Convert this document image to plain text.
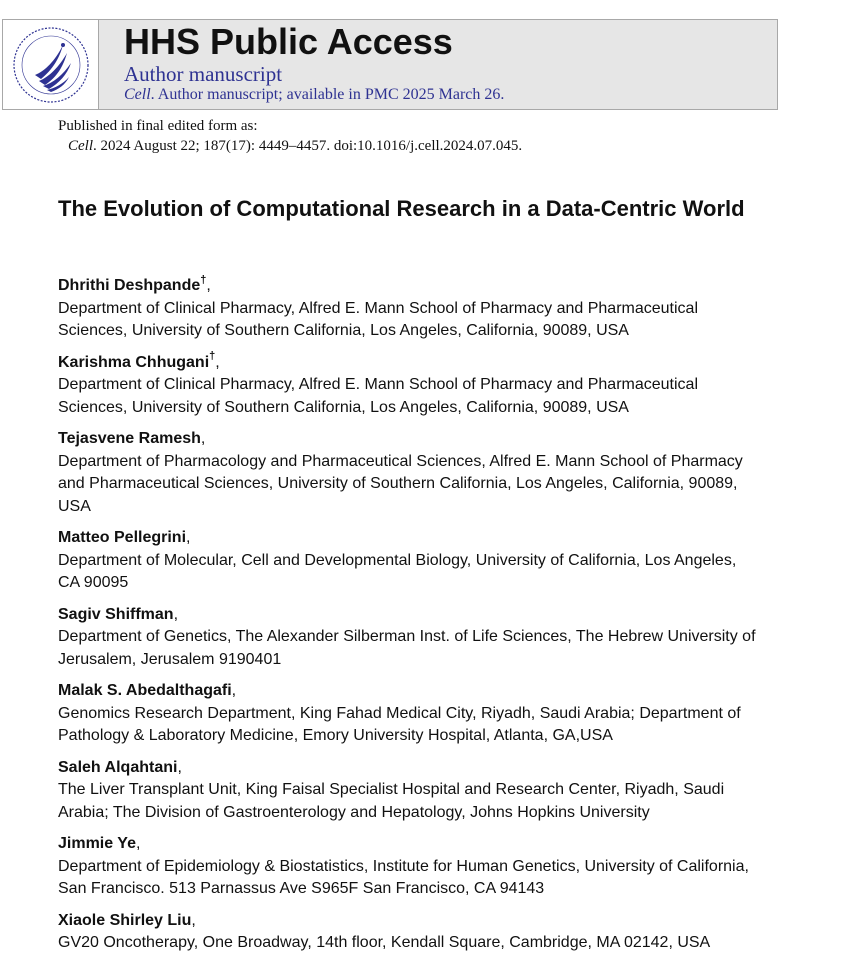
HHS Public Access
Author manuscript
Cell. Author manuscript; available in PMC 2025 March 26.
Published in final edited form as:
Cell. 2024 August 22; 187(17): 4449–4457. doi:10.1016/j.cell.2024.07.045.
The Evolution of Computational Research in a Data-Centric World
Dhrithi Deshpande†,
Department of Clinical Pharmacy, Alfred E. Mann School of Pharmacy and Pharmaceutical Sciences, University of Southern California, Los Angeles, California, 90089, USA
Karishma Chhugani†,
Department of Clinical Pharmacy, Alfred E. Mann School of Pharmacy and Pharmaceutical Sciences, University of Southern California, Los Angeles, California, 90089, USA
Tejasvene Ramesh,
Department of Pharmacology and Pharmaceutical Sciences, Alfred E. Mann School of Pharmacy and Pharmaceutical Sciences, University of Southern California, Los Angeles, California, 90089, USA
Matteo Pellegrini,
Department of Molecular, Cell and Developmental Biology, University of California, Los Angeles, CA 90095
Sagiv Shiffman,
Department of Genetics, The Alexander Silberman Inst. of Life Sciences, The Hebrew University of Jerusalem, Jerusalem 9190401
Malak S. Abedalthagafi,
Genomics Research Department, King Fahad Medical City, Riyadh, Saudi Arabia; Department of Pathology & Laboratory Medicine, Emory University Hospital, Atlanta, GA,USA
Saleh Alqahtani,
The Liver Transplant Unit, King Faisal Specialist Hospital and Research Center, Riyadh, Saudi Arabia; The Division of Gastroenterology and Hepatology, Johns Hopkins University
Jimmie Ye,
Department of Epidemiology & Biostatistics, Institute for Human Genetics, University of California, San Francisco. 513 Parnassus Ave S965F San Francisco, CA 94143
Xiaole Shirley Liu,
GV20 Oncotherapy, One Broadway, 14th floor, Kendall Square, Cambridge, MA 02142, USA
